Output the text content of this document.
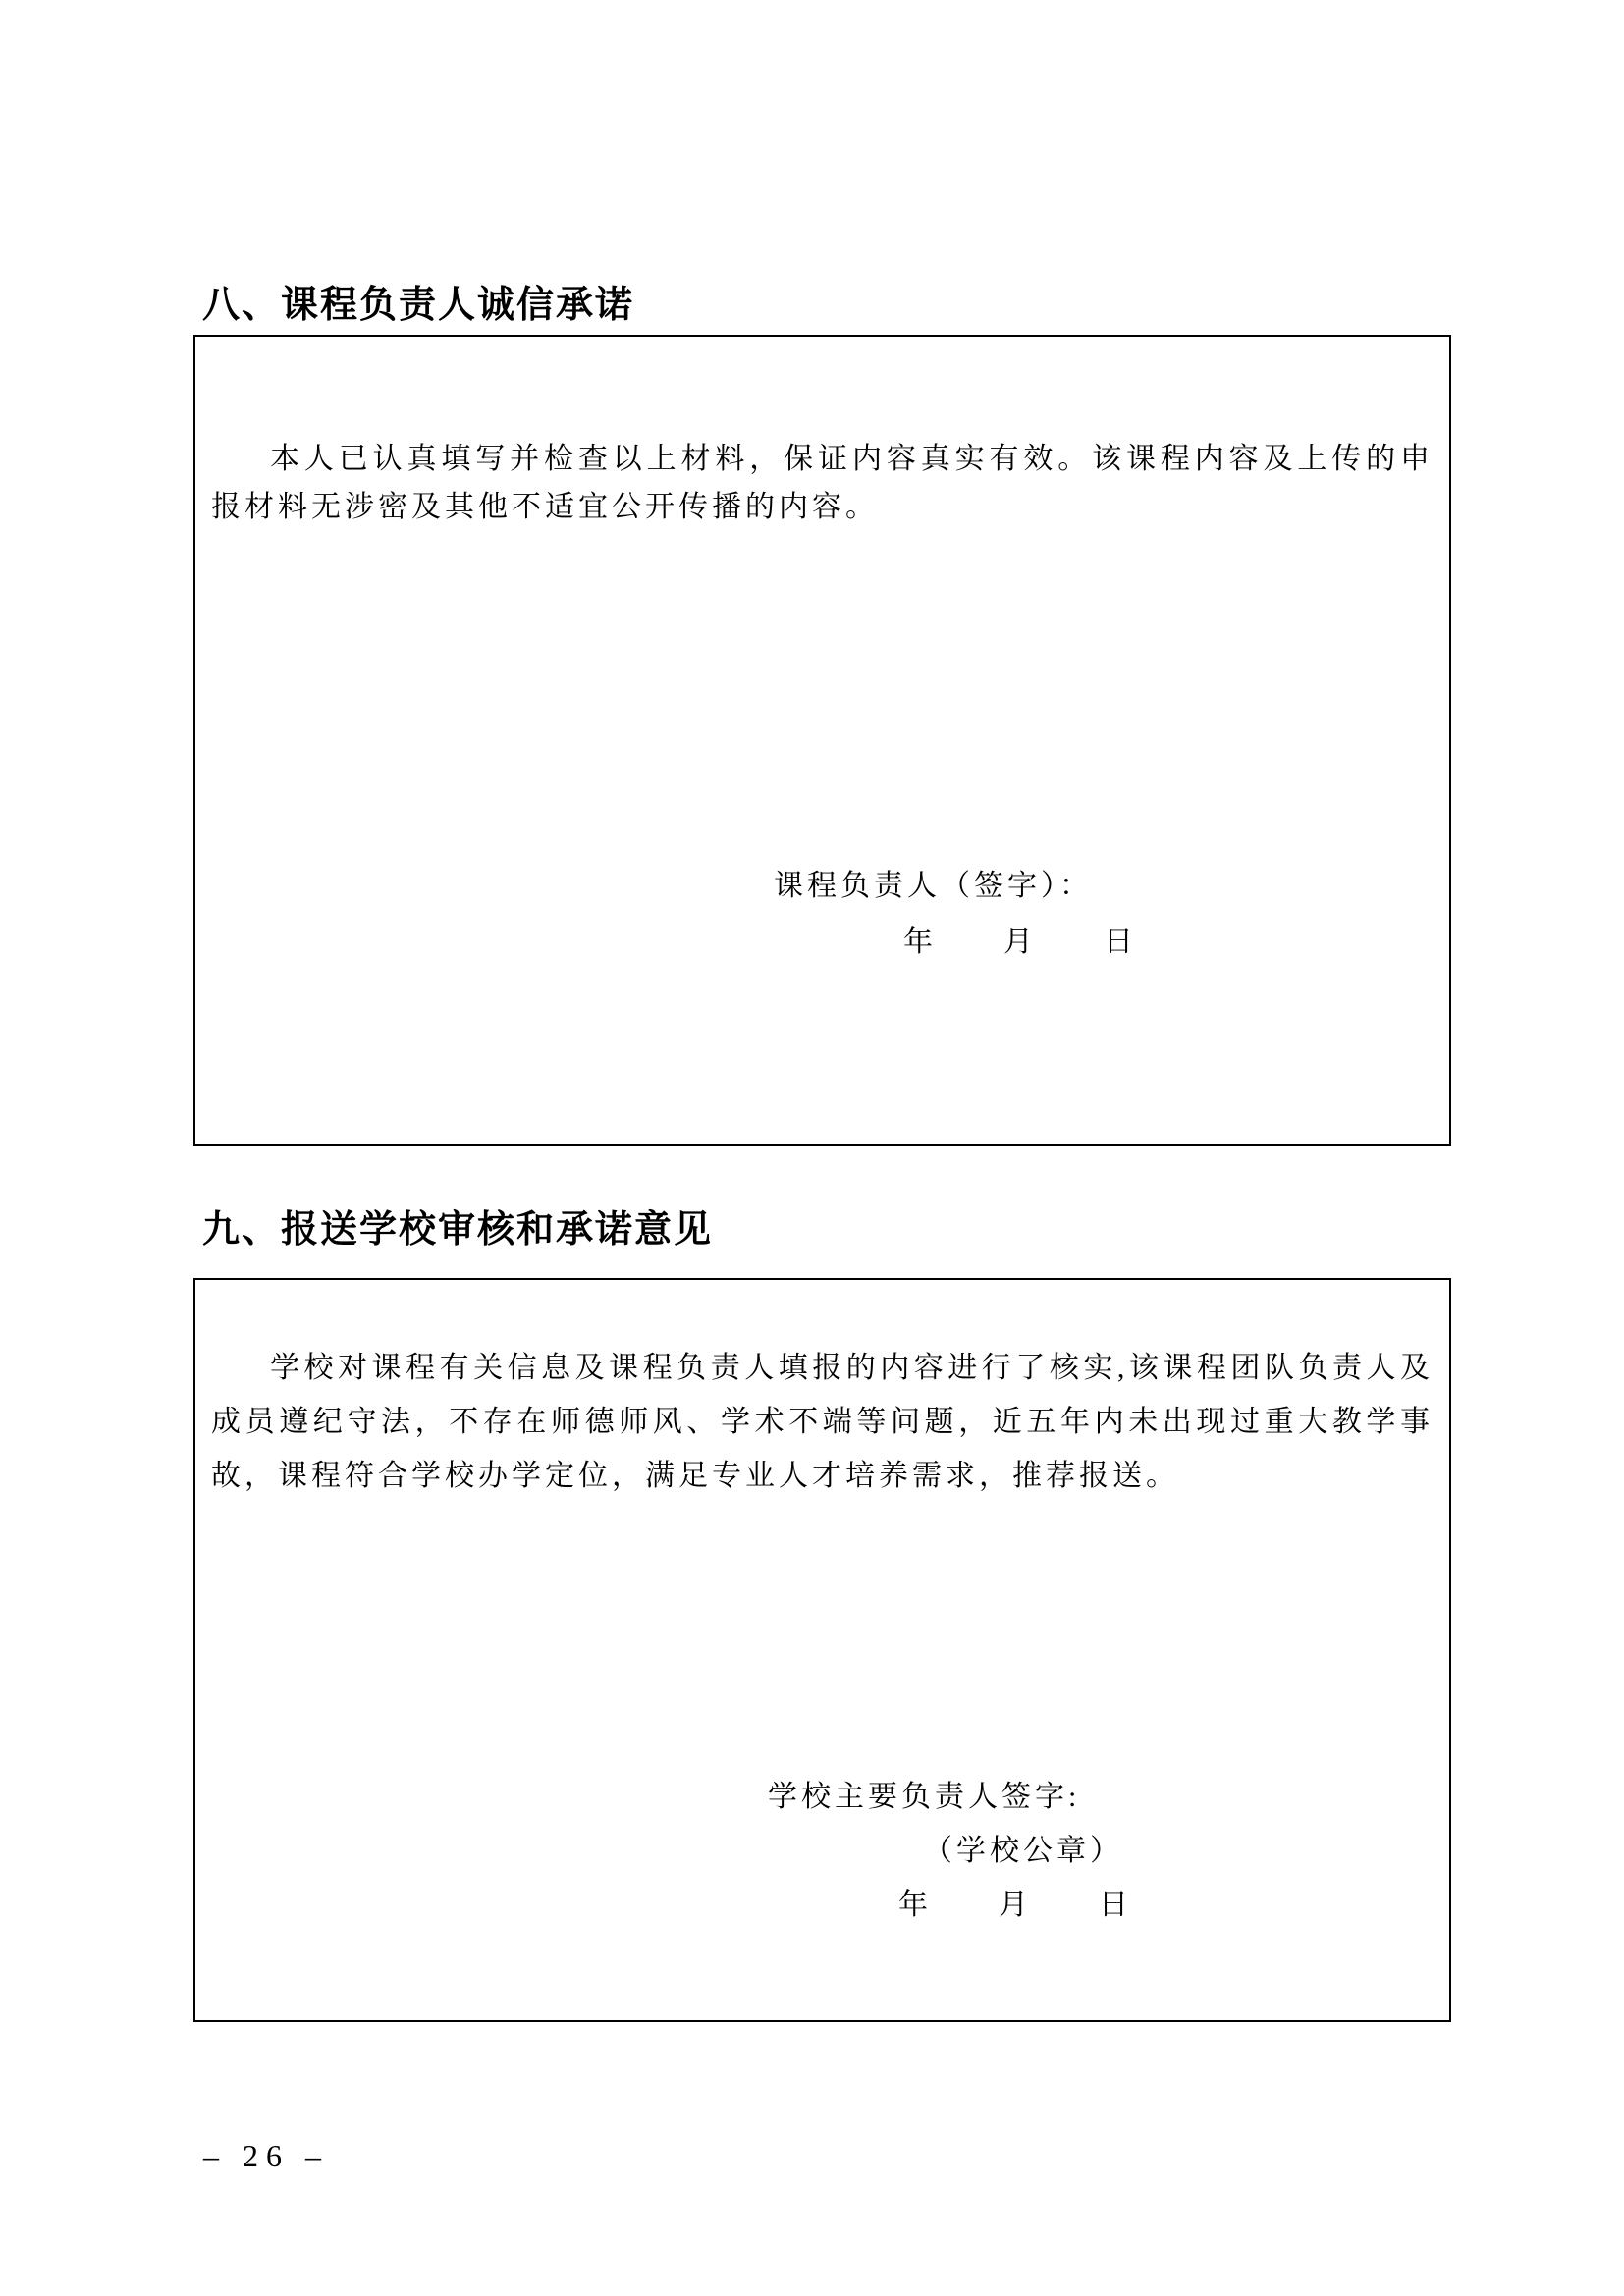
八、课程负责人诚信承诺

本人已认真填写并检查以上材料，保证内容真实有效。该课程内容及上传的申报材料无涉密及其他不适宜公开传播的内容。

课程负责人（签字）：
年　　月　　日
九、报送学校审核和承诺意见

学校对课程有关信息及课程负责人填报的内容进行了核实,该课程团队负责人及成员遵纪守法，不存在师德师风、学术不端等问题，近五年内未出现过重大教学事故，课程符合学校办学定位，满足专业人才培养需求，推荐报送。

学校主要负责人签字:
（学校公章）
年　　月　　日
– 26 –
